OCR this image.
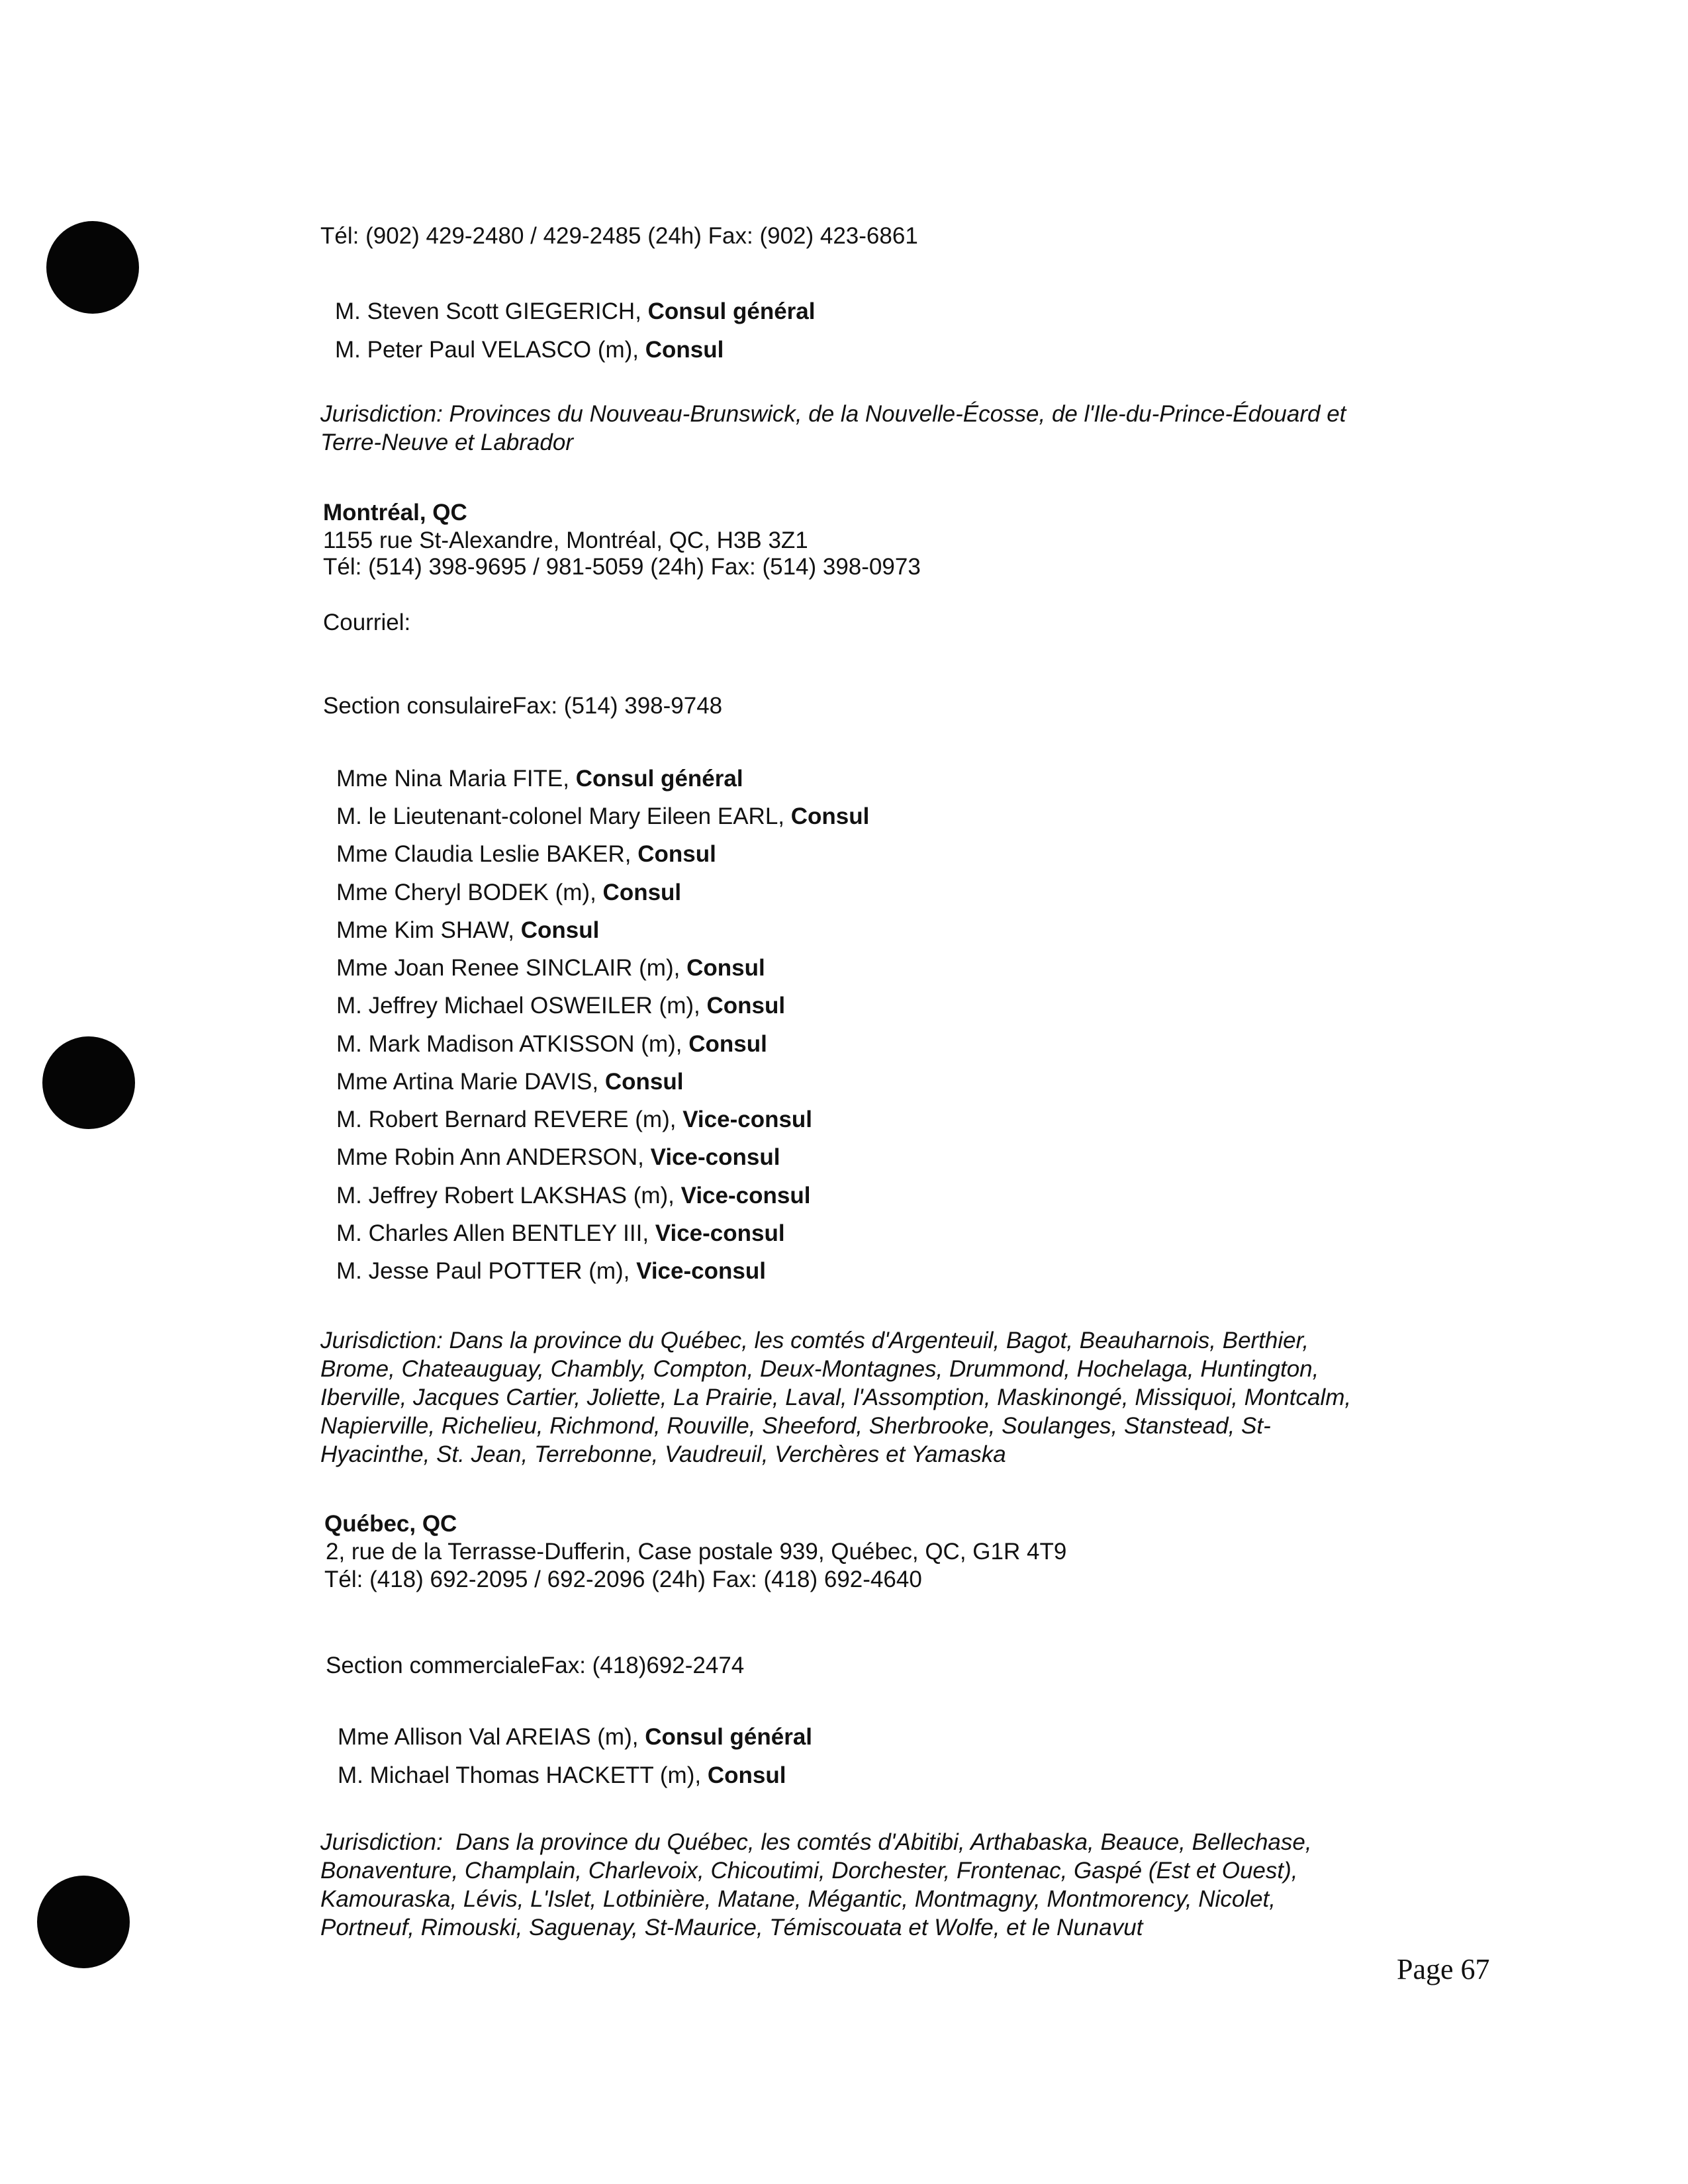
Tél: (902) 429-2480 / 429-2485 (24h) Fax: (902) 423-6861
M. Steven Scott GIEGERICH, Consul général
M. Peter Paul VELASCO (m), Consul
Jurisdiction: Provinces du Nouveau-Brunswick, de la Nouvelle-Écosse, de l'Ile-du-Prince-Édouard et
Terre-Neuve et Labrador
Montréal, QC
1155 rue St-Alexandre, Montréal, QC, H3B 3Z1
Tél: (514) 398-9695 / 981-5059 (24h) Fax: (514) 398-0973
Courriel:
Section consulaireFax: (514) 398-9748
Mme Nina Maria FITE, Consul général
M. le Lieutenant-colonel Mary Eileen EARL, Consul
Mme Claudia Leslie BAKER, Consul
Mme Cheryl BODEK (m), Consul
Mme Kim SHAW, Consul
Mme Joan Renee SINCLAIR (m), Consul
M. Jeffrey Michael OSWEILER (m), Consul
M. Mark Madison ATKISSON (m), Consul
Mme Artina Marie DAVIS, Consul
M. Robert Bernard REVERE (m), Vice-consul
Mme Robin Ann ANDERSON, Vice-consul
M. Jeffrey Robert LAKSHAS (m), Vice-consul
M. Charles Allen BENTLEY III, Vice-consul
M. Jesse Paul POTTER (m), Vice-consul
Jurisdiction: Dans la province du Québec, les comtés d'Argenteuil, Bagot, Beauharnois, Berthier,
Brome, Chateauguay, Chambly, Compton, Deux-Montagnes, Drummond, Hochelaga, Huntington,
Iberville, Jacques Cartier, Joliette, La Prairie, Laval, l'Assomption, Maskinongé, Missiquoi, Montcalm,
Napierville, Richelieu, Richmond, Rouville, Sheeford, Sherbrooke, Soulanges, Stanstead, St-
Hyacinthe, St. Jean, Terrebonne, Vaudreuil, Verchères et Yamaska
Québec, QC
2, rue de la Terrasse-Dufferin, Case postale 939, Québec, QC, G1R 4T9
Tél: (418) 692-2095 / 692-2096 (24h) Fax: (418) 692-4640
Section commercialeFax: (418)692-2474
Mme Allison Val AREIAS (m), Consul général
M. Michael Thomas HACKETT (m), Consul
Jurisdiction: Dans la province du Québec, les comtés d'Abitibi, Arthabaska, Beauce, Bellechase,
Bonaventure, Champlain, Charlevoix, Chicoutimi, Dorchester, Frontenac, Gaspé (Est et Ouest),
Kamouraska, Lévis, L'Islet, Lotbinière, Matane, Mégantic, Montmagny, Montmorency, Nicolet,
Portneuf, Rimouski, Saguenay, St-Maurice, Témiscouata et Wolfe, et le Nunavut
Page 67
